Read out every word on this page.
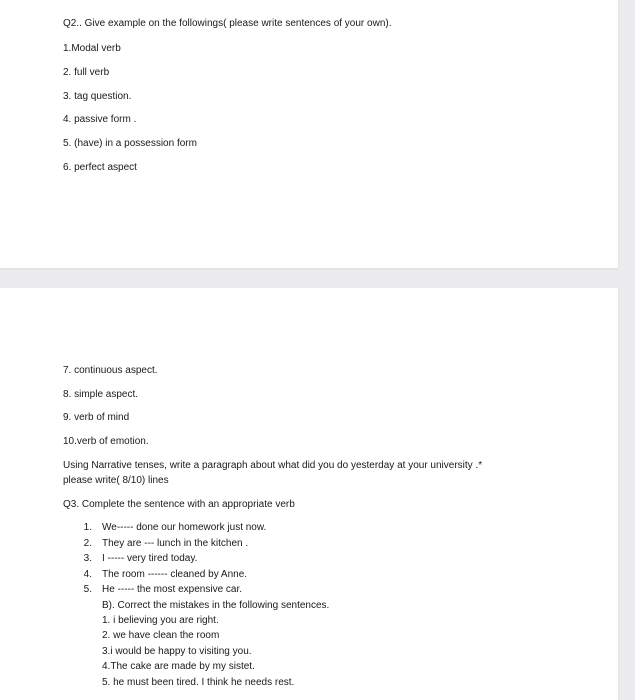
Q2.. Give example on the followings( please write sentences of your own).
1.Modal verb
2. full verb
3. tag question.
4. passive form .
5. (have) in a possession form
6. perfect aspect
7. continuous aspect.
8. simple aspect.
9. verb of mind
10.verb of emotion.
Using Narrative tenses, write a paragraph about what did you do yesterday at your university .*
please write( 8/10) lines
Q3. Complete the sentence with an appropriate verb
1. We----- done our homework just now.
2. They are --- lunch in the kitchen .
3. I ----- very tired today.
4. The room ------ cleaned by Anne.
5. He ----- the most expensive car.
B). Correct the mistakes in the following sentences.
1. i believing you are right.
2. we have clean the room
3.i would be happy to visiting you.
4.The cake are made by my sistet.
5. he must been tired. I think he needs rest.
